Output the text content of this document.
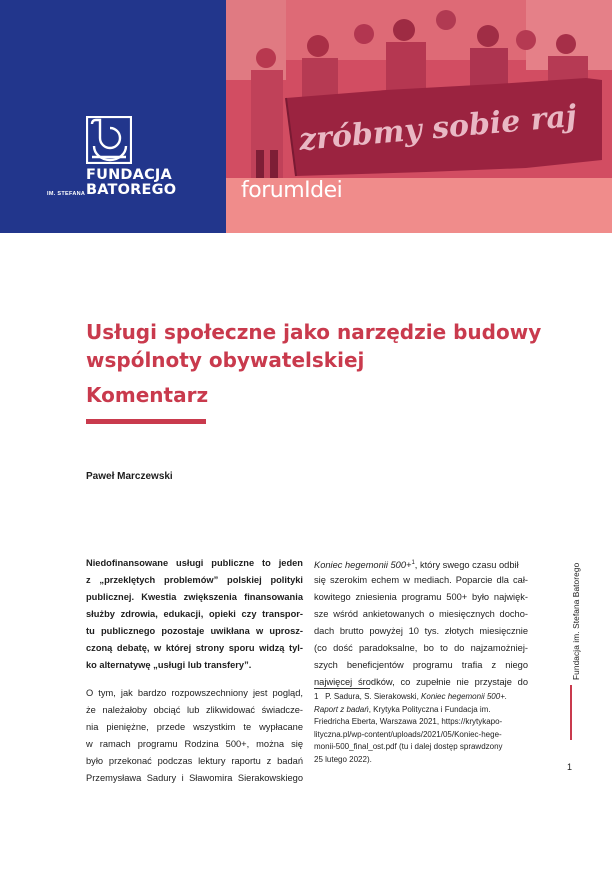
IM. STEFANA
FUNDACJA
BATOREGO
zróbmy sobie raj
forumIdei
Usługi społeczne jako narzędzie budowy
wspólnoty obywatelskiej
Komentarz
Paweł Marczewski
Niedofinansowane usługi publiczne to jeden
z „przeklętych problemów” polskiej polityki
publicznej. Kwestia zwiększenia finansowania
służby zdrowia, edukacji, opieki czy transpor-
tu publicznego pozostaje uwikłana w uprosz-
czoną debatę, w której strony sporu widzą tyl-
ko alternatywę „usługi lub transfery”.
O tym, jak bardzo rozpowszechniony jest pogląd,
że należałoby obciąć lub zlikwidować świadcze-
nia pieniężne, przede wszystkim te wypłacane
w ramach programu Rodzina 500+, można się
było przekonać podczas lektury raportu z badań
Przemysława Sadury i Sławomira Sierakowskiego
Koniec hegemonii 500+$^1$, który swego czasu odbił
się szerokim echem w mediach. Poparcie dla cał-
kowitego zniesienia programu 500+ było najwięk-
sze wśród ankietowanych o miesięcznych docho-
dach brutto powyżej 10 tys. złotych miesięcznie
(co dość paradoksalne, bo to do najzamożniej-
szych beneficjentów programu trafia z niego
najwięcej środków, co zupełnie nie przystaje do
1 P. Sadura, S. Sierakowski, Koniec hegemonii 500+.
Raport z badań, Krytyka Polityczna i Fundacja im.
Friedricha Eberta, Warszawa 2021, https://krytykapo-
lityczna.pl/wp-content/uploads/2021/05/Koniec-hege-
monii-500_final_ost.pdf (tu i dalej dostęp sprawdzony
25 lutego 2022).
Fundacja im. Stefana Batorego
1
